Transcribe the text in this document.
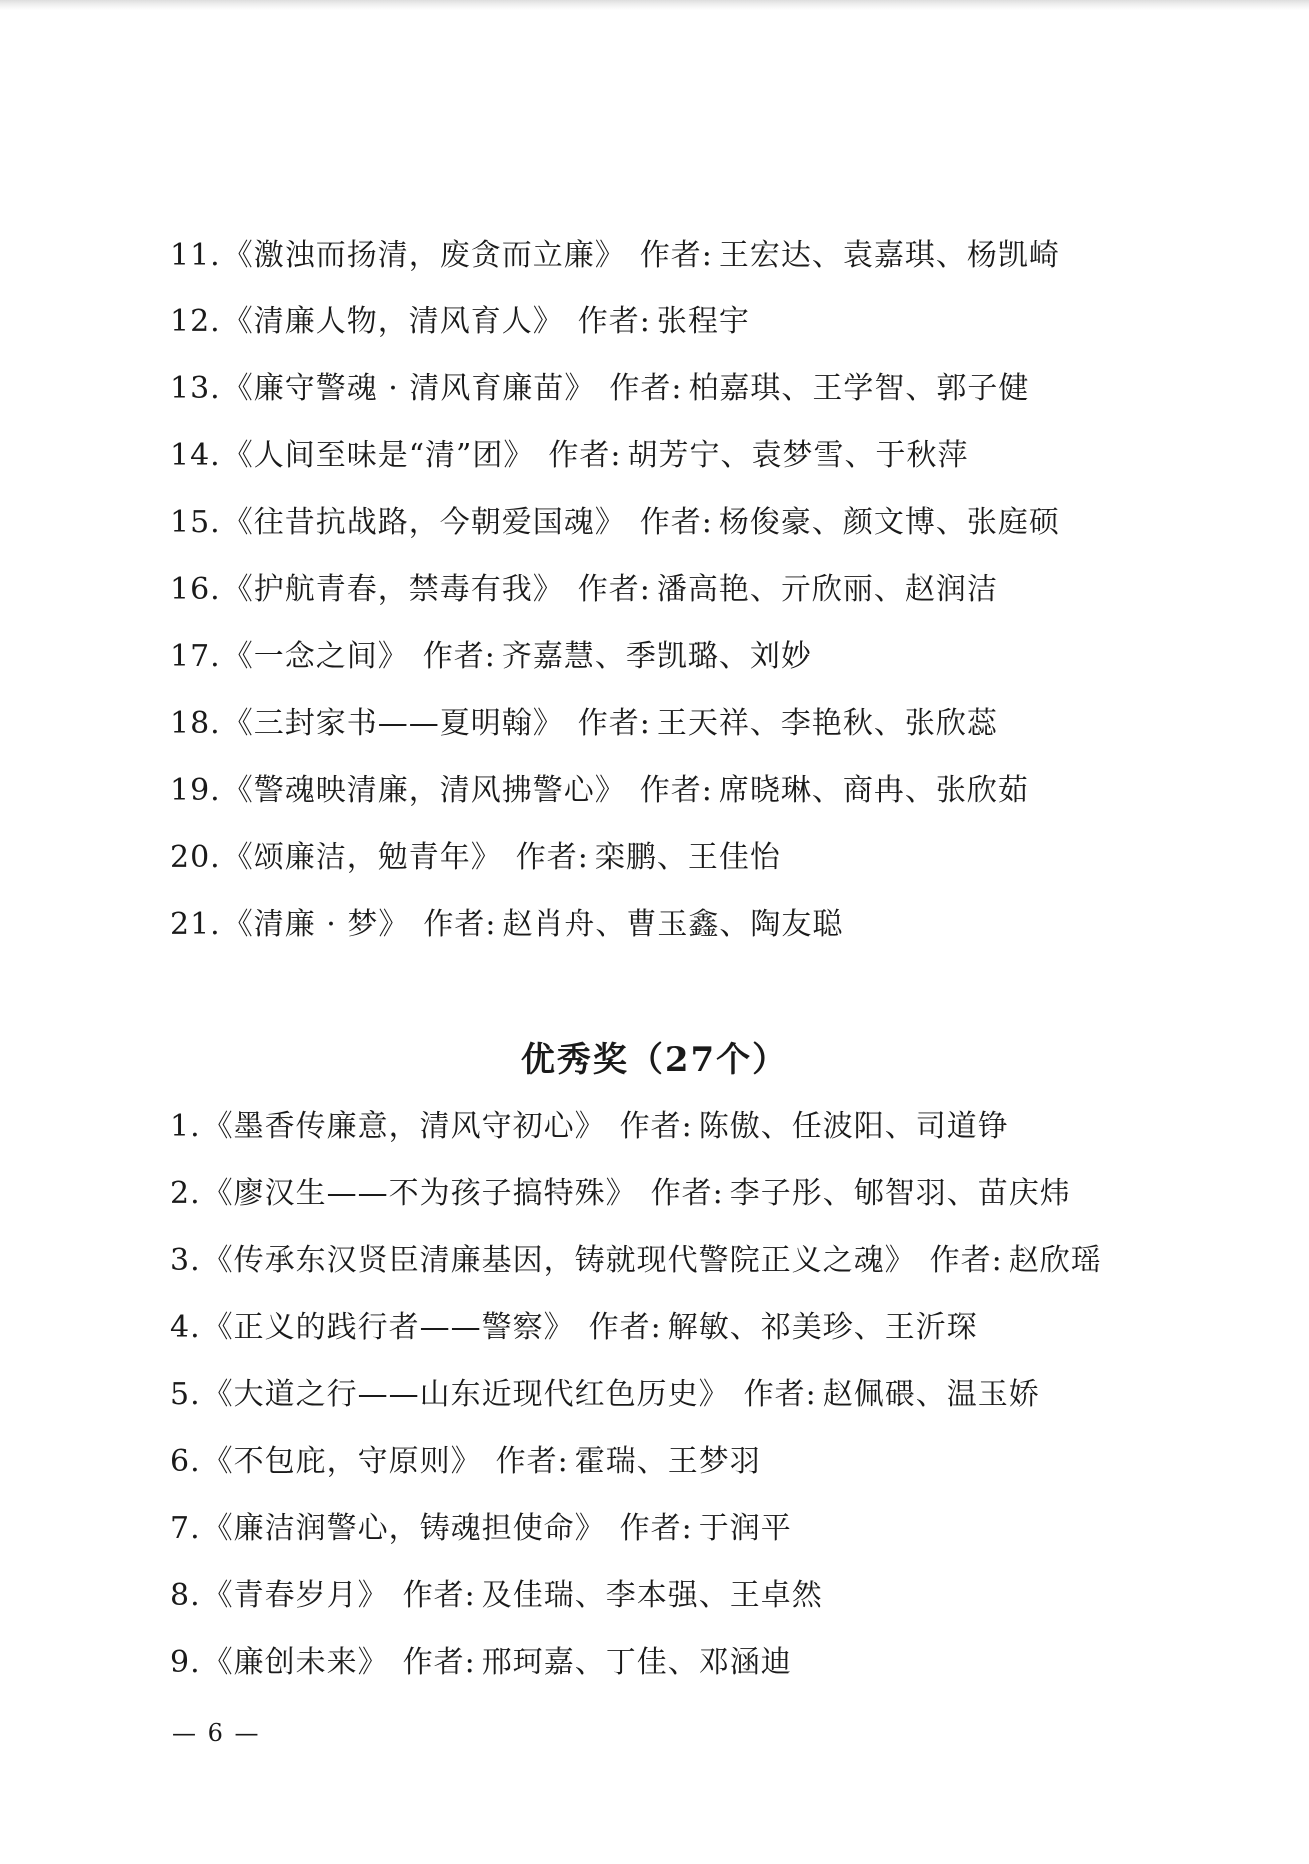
11.《激浊而扬清，废贪而立廉》 作者: 王宏达、袁嘉琪、杨凯崎
12.《清廉人物，清风育人》 作者: 张程宇
13.《廉守警魂 · 清风育廉苗》 作者: 柏嘉琪、王学智、郭子健
14.《人间至味是“清”团》 作者: 胡芳宁、袁梦雪、于秋萍
15.《往昔抗战路，今朝爱国魂》 作者: 杨俊豪、颜文博、张庭硕
16.《护航青春，禁毒有我》 作者: 潘高艳、亓欣丽、赵润洁
17.《一念之间》 作者: 齐嘉慧、季凯璐、刘妙
18.《三封家书——夏明翰》 作者: 王天祥、李艳秋、张欣蕊
19.《警魂映清廉，清风拂警心》 作者: 席晓琳、商冉、张欣茹
20.《颂廉洁，勉青年》 作者: 栾鹏、王佳怡
21.《清廉 · 梦》 作者: 赵肖舟、曹玉鑫、陶友聪
优秀奖（27个）
1.《墨香传廉意，清风守初心》 作者: 陈傲、任波阳、司道铮
2.《廖汉生——不为孩子搞特殊》 作者: 李子彤、郇智羽、苗庆炜
3.《传承东汉贤臣清廉基因，铸就现代警院正义之魂》 作者: 赵欣瑶
4.《正义的践行者——警察》 作者: 解敏、祁美珍、王沂琛
5.《大道之行——山东近现代红色历史》 作者: 赵佩碨、温玉娇
6.《不包庇，守原则》 作者: 霍瑞、王梦羽
7.《廉洁润警心，铸魂担使命》 作者: 于润平
8.《青春岁月》 作者: 及佳瑞、李本强、王卓然
9.《廉创未来》 作者: 邢珂嘉、丁佳、邓涵迪
— 6 —
